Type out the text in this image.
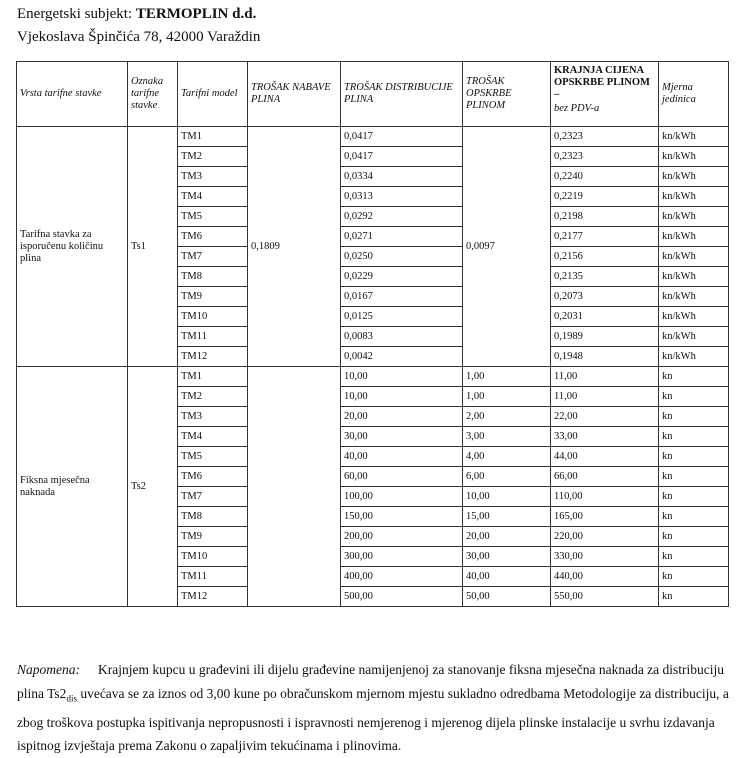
Energetski subjekt: TERMOPLIN d.d.
Vjekoslava Špinčića 78, 42000 Varaždin
Vrsta tarifne stavke	Oznaka tarifne stavke	Tarifni model	TROŠAK NABAVE PLINA	TROŠAK DISTRIBUCIJE PLINA	TROŠAK OPSKRBE PLINOM	KRAJNJA CIJENA OPSKRBE PLINOM –
bez PDV-a	Mjerna jedinica
Tarifna stavka za isporučenu količinu plina	Ts1	TM1	0,1809	0,0417	0,0097	0,2323	kn/kWh
		TM2		0,0417		0,2323	kn/kWh
		TM3		0,0334		0,2240	kn/kWh
		TM4		0,0313		0,2219	kn/kWh
		TM5		0,0292		0,2198	kn/kWh
		TM6		0,0271		0,2177	kn/kWh
		TM7		0,0250		0,2156	kn/kWh
		TM8		0,0229		0,2135	kn/kWh
		TM9		0,0167		0,2073	kn/kWh
		TM10		0,0125		0,2031	kn/kWh
		TM11		0,0083		0,1989	kn/kWh
		TM12		0,0042		0,1948	kn/kWh
Fiksna mjesečna naknada	Ts2	TM1		10,00	1,00	11,00	kn
		TM2		10,00	1,00	11,00	kn
		TM3		20,00	2,00	22,00	kn
		TM4		30,00	3,00	33,00	kn
		TM5		40,00	4,00	44,00	kn
		TM6		60,00	6,00	66,00	kn
		TM7		100,00	10,00	110,00	kn
		TM8		150,00	15,00	165,00	kn
		TM9		200,00	20,00	220,00	kn
		TM10		300,00	30,00	330,00	kn
		TM11		400,00	40,00	440,00	kn
		TM12		500,00	50,00	550,00	kn
Napomena: Krajnjem kupcu u građevini ili dijelu građevine namijenjenoj za stanovanje fiksna mjesečna naknada za distribuciju plina $Ts2_{dis}$ uvećava se za iznos od 3,00 kune po obračunskom mjernom mjestu sukladno odredbama Metodologije za distribuciju, a zbog troškova postupka ispitivanja nepropusnosti i ispravnosti nemjerenog i mjerenog dijela plinske instalacije u svrhu izdavanja ispitnog izvještaja prema Zakonu o zapaljivim tekućinama i plinovima.
